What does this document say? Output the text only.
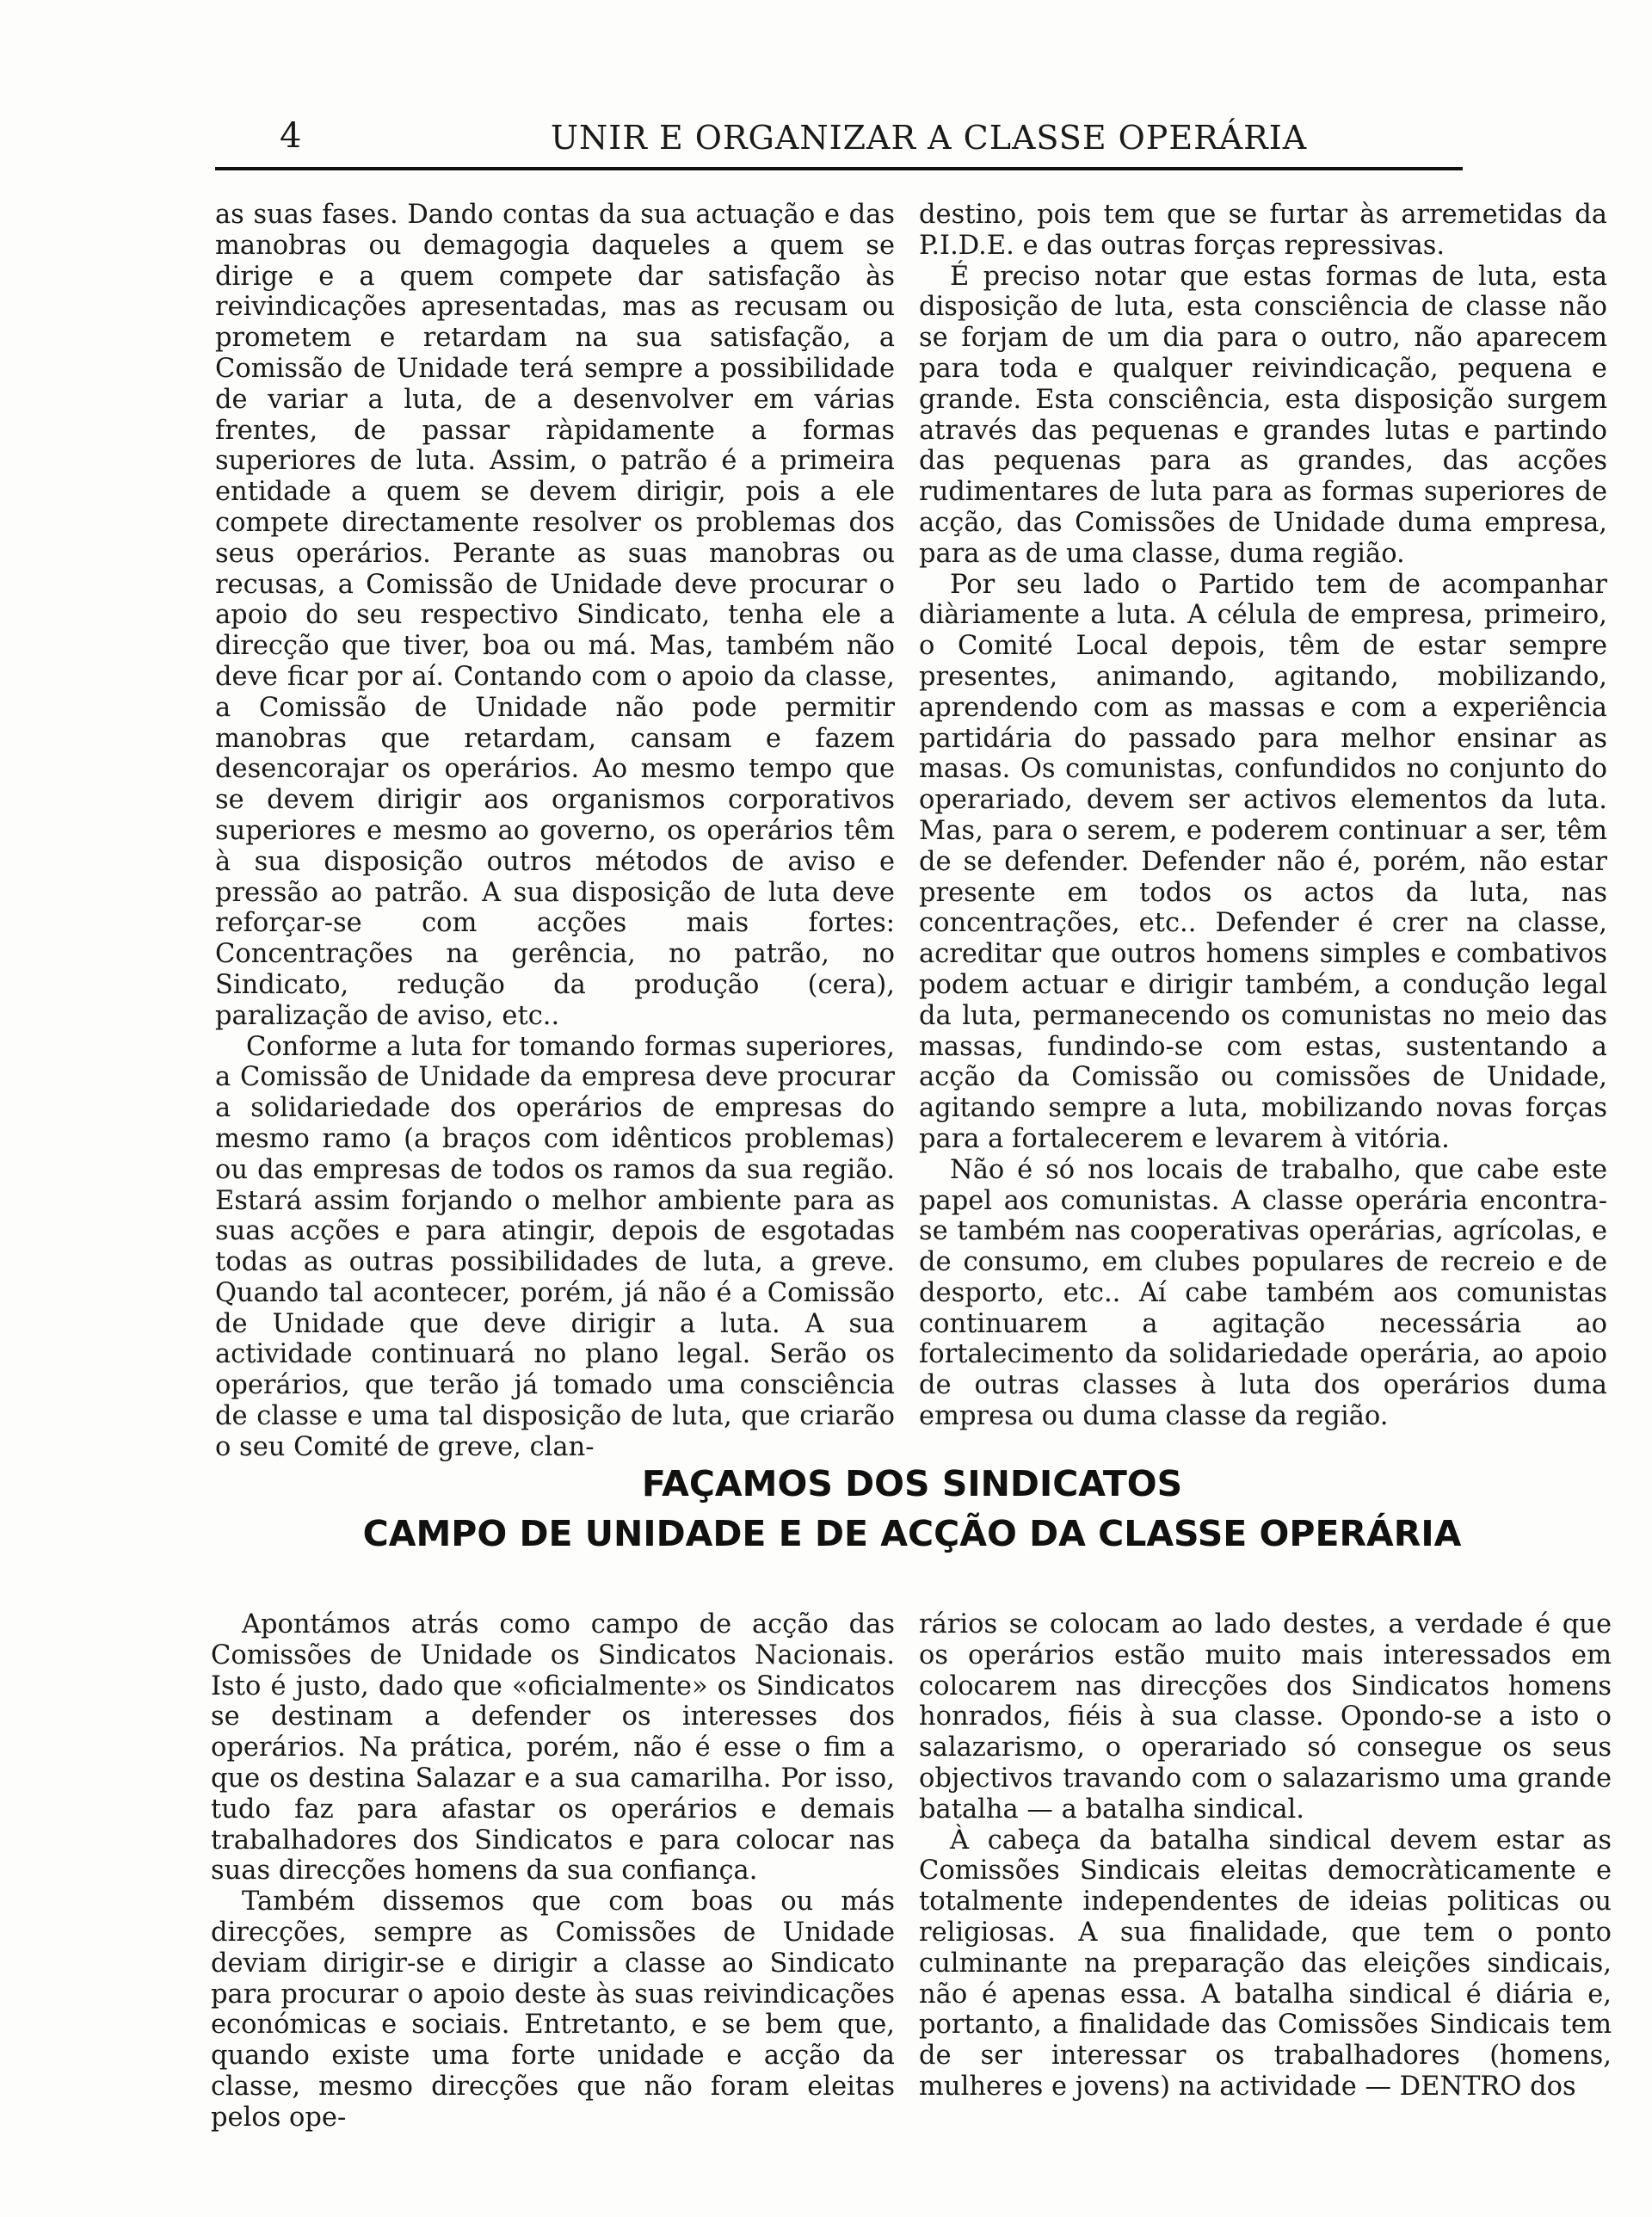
4	UNIR E ORGANIZAR A CLASSE OPERÁRIA

as suas fases. Dando contas da sua actuação e das manobras ou demagogia daqueles a quem se dirige e a quem compete dar satisfação às reivindicações apresentadas, mas as recusam ou prometem e retardam na sua satisfação, a Comissão de Unidade terá sempre a possibilidade de variar a luta, de a desenvolver em várias frentes, de passar ràpidamente a formas superiores de luta. Assim, o patrão é a primeira entidade a quem se devem dirigir, pois a ele compete directamente resolver os problemas dos seus operários. Perante as suas manobras ou recusas, a Comissão de Unidade deve procurar o apoio do seu respectivo Sindicato, tenha ele a direcção que tiver, boa ou má. Mas, também não deve ficar por aí. Contando com o apoio da classe, a Comissão de Unidade não pode permitir manobras que retardam, cansam e fazem desencorajar os operários. Ao mesmo tempo que se devem dirigir aos organismos corporativos superiores e mesmo ao governo, os operários têm à sua disposição outros métodos de aviso e pressão ao patrão. A sua disposição de luta deve reforçar-se com acções mais fortes: Concentrações na gerência, no patrão, no Sindicato, redução da produção (cera), paralização de aviso, etc..

Conforme a luta for tomando formas superiores, a Comissão de Unidade da empresa deve procurar a solidariedade dos operários de empresas do mesmo ramo (a braços com idênticos problemas) ou das empresas de todos os ramos da sua região. Estará assim forjando o melhor ambiente para as suas acções e para atingir, depois de esgotadas todas as outras possibilidades de luta, a greve. Quando tal acontecer, porém, já não é a Comissão de Unidade que deve dirigir a luta. A sua actividade continuará no plano legal. Serão os operários, que terão já tomado uma consciência de classe e uma tal disposição de luta, que criarão o seu Comité de greve, clan-

destino, pois tem que se furtar às arremetidas da P.I.D.E. e das outras forças repressivas.

É preciso notar que estas formas de luta, esta disposição de luta, esta consciência de classe não se forjam de um dia para o outro, não aparecem para toda e qualquer reivindicação, pequena e grande. Esta consciência, esta disposição surgem através das pequenas e grandes lutas e partindo das pequenas para as grandes, das acções rudimentares de luta para as formas superiores de acção, das Comissões de Unidade duma empresa, para as de uma classe, duma região.

Por seu lado o Partido tem de acompanhar diàriamente a luta. A célula de empresa, primeiro, o Comité Local depois, têm de estar sempre presentes, animando, agitando, mobilizando, aprendendo com as massas e com a experiência partidária do passado para melhor ensinar as masas. Os comunistas, confundidos no conjunto do operariado, devem ser activos elementos da luta. Mas, para o serem, e poderem continuar a ser, têm de se defender. Defender não é, porém, não estar presente em todos os actos da luta, nas concentrações, etc.. Defender é crer na classe, acreditar que outros homens simples e combativos podem actuar e dirigir também, a condução legal da luta, permanecendo os comunistas no meio das massas, fundindo-se com estas, sustentando a acção da Comissão ou comissões de Unidade, agitando sempre a luta, mobilizando novas forças para a fortalecerem e levarem à vitória.

Não é só nos locais de trabalho, que cabe este papel aos comunistas. A classe operária encontra-se também nas cooperativas operárias, agrícolas, e de consumo, em clubes populares de recreio e de desporto, etc.. Aí cabe também aos comunistas continuarem a agitação necessária ao fortalecimento da solidariedade operária, ao apoio de outras classes à luta dos operários duma empresa ou duma classe da região.

FAÇAMOS DOS SINDICATOS
CAMPO DE UNIDADE E DE ACÇÃO DA CLASSE OPERÁRIA

Apontámos atrás como campo de acção das Comissões de Unidade os Sindicatos Nacionais. Isto é justo, dado que «oficialmente» os Sindicatos se destinam a defender os interesses dos operários. Na prática, porém, não é esse o fim a que os destina Salazar e a sua camarilha. Por isso, tudo faz para afastar os operários e demais trabalhadores dos Sindicatos e para colocar nas suas direcções homens da sua confiança.

Também dissemos que com boas ou más direcções, sempre as Comissões de Unidade deviam dirigir-se e dirigir a classe ao Sindicato para procurar o apoio deste às suas reivindicações económicas e sociais. Entretanto, e se bem que, quando existe uma forte unidade e acção da classe, mesmo direcções que não foram eleitas pelos ope-

rários se colocam ao lado destes, a verdade é que os operários estão muito mais interessados em colocarem nas direcções dos Sindicatos homens honrados, fiéis à sua classe. Opondo-se a isto o salazarismo, o operariado só consegue os seus objectivos travando com o salazarismo uma grande batalha — a batalha sindical.

À cabeça da batalha sindical devem estar as Comissões Sindicais eleitas democràticamente e totalmente independentes de ideias politicas ou religiosas. A sua finalidade, que tem o ponto culminante na preparação das eleições sindicais, não é apenas essa. A batalha sindical é diária e, portanto, a finalidade das Comissões Sindicais tem de ser interessar os trabalhadores (homens, mulheres e jovens) na actividade — DENTRO dos
